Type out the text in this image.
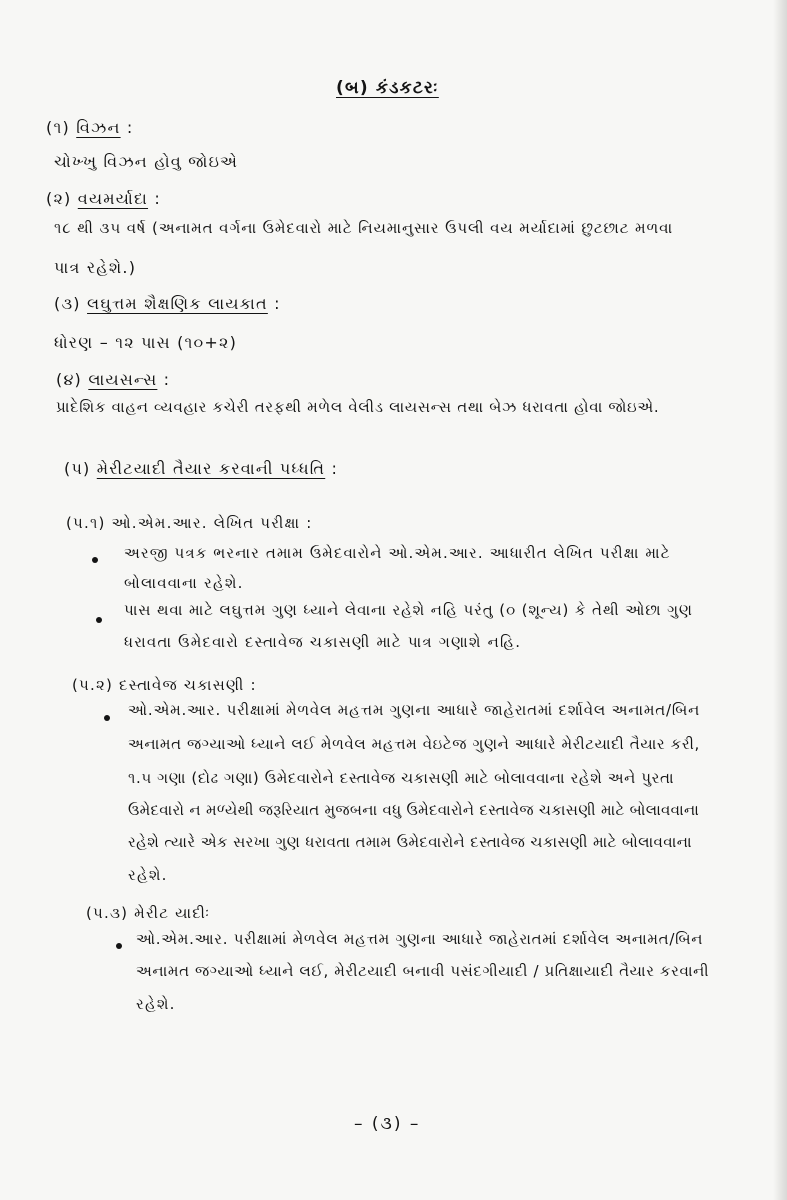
(બ) કંડકટરઃ
(૧) વિઝન :
ચોખ્ખુ વિઝન હોવુ જોઇએ
(૨) વયમર્યાદા :
૧૮ થી ૩૫ વર્ષ (અનામત વર્ગના ઉમેદવારો માટે નિયમાનુસાર ઉપલી વય મર્યાદામાં છુટછાટ મળવા
પાત્ર રહેશે.)
(૩) લઘુત્તમ શૈક્ષણિક લાયકાત :
ધોરણ – ૧૨ પાસ (૧૦+૨)
(૪) લાયસન્સ :
પ્રાદેશિક વાહન વ્યવહાર કચેરી તરફથી મળેલ વેલીડ લાયસન્સ તથા બેઝ ધરાવતા હોવા જોઇએ.
(પ) મેરીટયાદી તૈયાર કરવાની પધ્ધતિ :
(પ.૧) ઓ.એમ.આર. લેખિત પરીક્ષા :
અરજી પત્રક ભરનાર તમામ ઉમેદવારોને ઓ.એમ.આર. આધારીત લેખિત પરીક્ષા માટે
બોલાવવાના રહેશે.
પાસ થવા માટે લઘુત્તમ ગુણ ધ્યાને લેવાના રહેશે નહિ પરંતુ (૦ (શૂન્ય) કે તેથી ઓછા ગુણ
ધરાવતા ઉમેદવારો દસ્તાવેજ ચકાસણી માટે પાત્ર ગણાશે નહિ.
(પ.૨) દસ્તાવેજ ચકાસણી :
ઓ.એમ.આર. પરીક્ષામાં મેળવેલ મહત્તમ ગુણના આધારે જાહેરાતમાં દર્શાવેલ અનામત/બિન
અનામત જગ્યાઓ ધ્યાને લઈ મેળવેલ મહત્તમ વેઇટેજ ગુણને આધારે મેરીટયાદી તૈયાર કરી,
૧.૫ ગણા (દોઢ ગણા) ઉમેદવારોને દસ્તાવેજ ચકાસણી માટે બોલાવવાના રહેશે અને પુરતા
ઉમેદવારો ન મળ્યેથી જરૂરિયાત મુજબના વધુ ઉમેદવારોને દસ્તાવેજ ચકાસણી માટે બોલાવવાના
રહેશે ત્યારે એક સરખા ગુણ ધરાવતા તમામ ઉમેદવારોને દસ્તાવેજ ચકાસણી માટે બોલાવવાના
રહેશે.
(પ.૩) મેરીટ યાદીઃ
ઓ.એમ.આર. પરીક્ષામાં મેળવેલ મહત્તમ ગુણના આધારે જાહેરાતમાં દર્શાવેલ અનામત/બિન
અનામત જગ્યાઓ ધ્યાને લઈ, મેરીટયાદી બનાવી પસંદગીયાદી / પ્રતિક્ષાયાદી તૈયાર કરવાની
રહેશે.
– (૩) –
